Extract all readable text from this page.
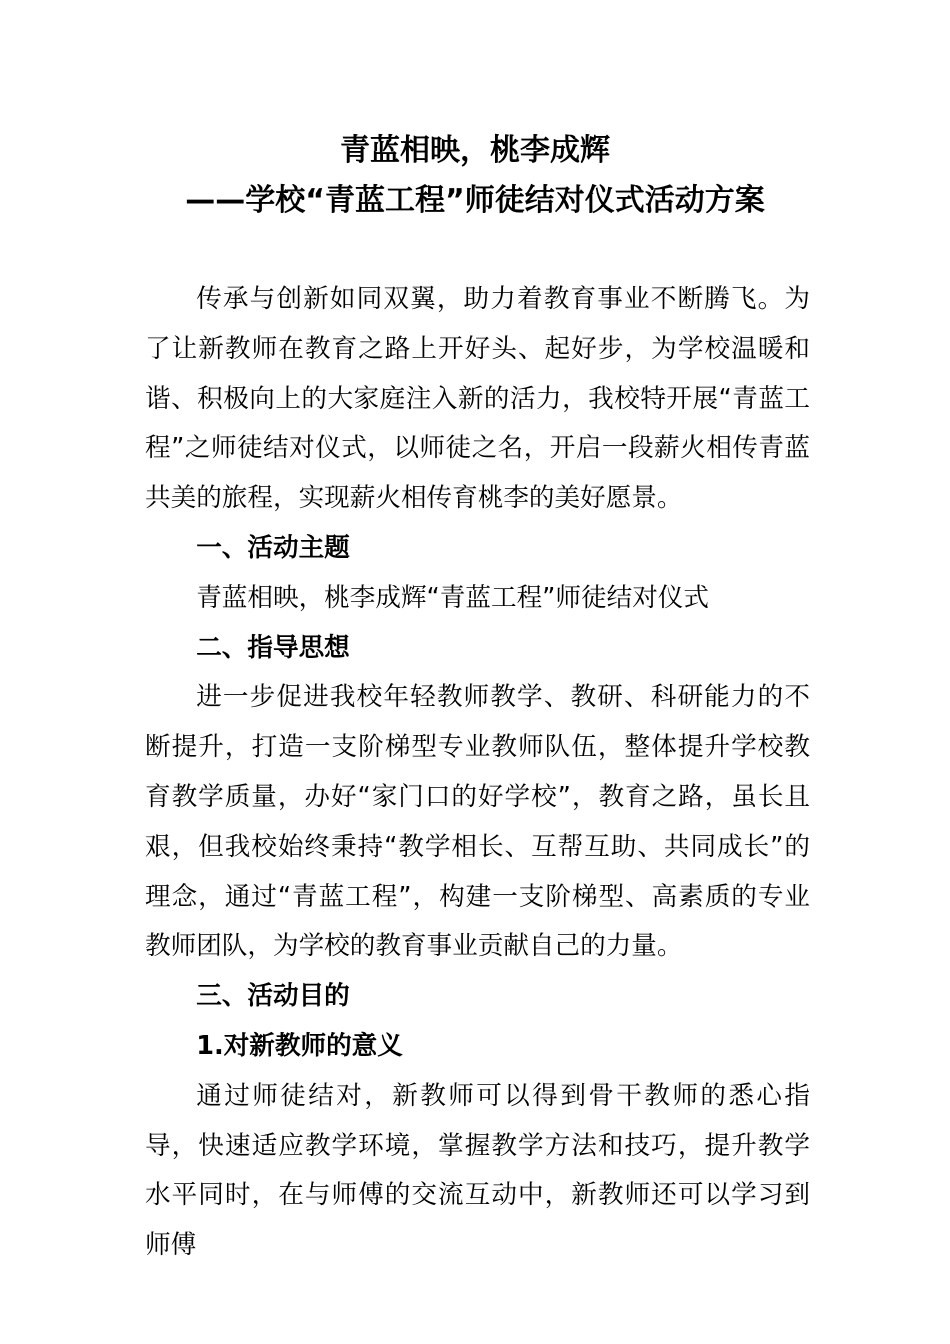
青蓝相映，桃李成辉
——学校“青蓝工程”师徒结对仪式活动方案

传承与创新如同双翼，助力着教育事业不断腾飞。为了让新教师在教育之路上开好头、起好步，为学校温暖和谐、积极向上的大家庭注入新的活力，我校特开展“青蓝工程”之师徒结对仪式，以师徒之名，开启一段薪火相传青蓝共美的旅程，实现薪火相传育桃李的美好愿景。

一、活动主题

青蓝相映，桃李成辉“青蓝工程”师徒结对仪式

二、指导思想

进一步促进我校年轻教师教学、教研、科研能力的不断提升，打造一支阶梯型专业教师队伍，整体提升学校教育教学质量，办好“家门口的好学校”，教育之路，虽长且艰，但我校始终秉持“教学相长、互帮互助、共同成长”的理念，通过“青蓝工程”，构建一支阶梯型、高素质的专业教师团队，为学校的教育事业贡献自己的力量。

三、活动目的

1.对新教师的意义

通过师徒结对，新教师可以得到骨干教师的悉心指导，快速适应教学环境，掌握教学方法和技巧，提升教学水平同时，在与师傅的交流互动中，新教师还可以学习到师傅
